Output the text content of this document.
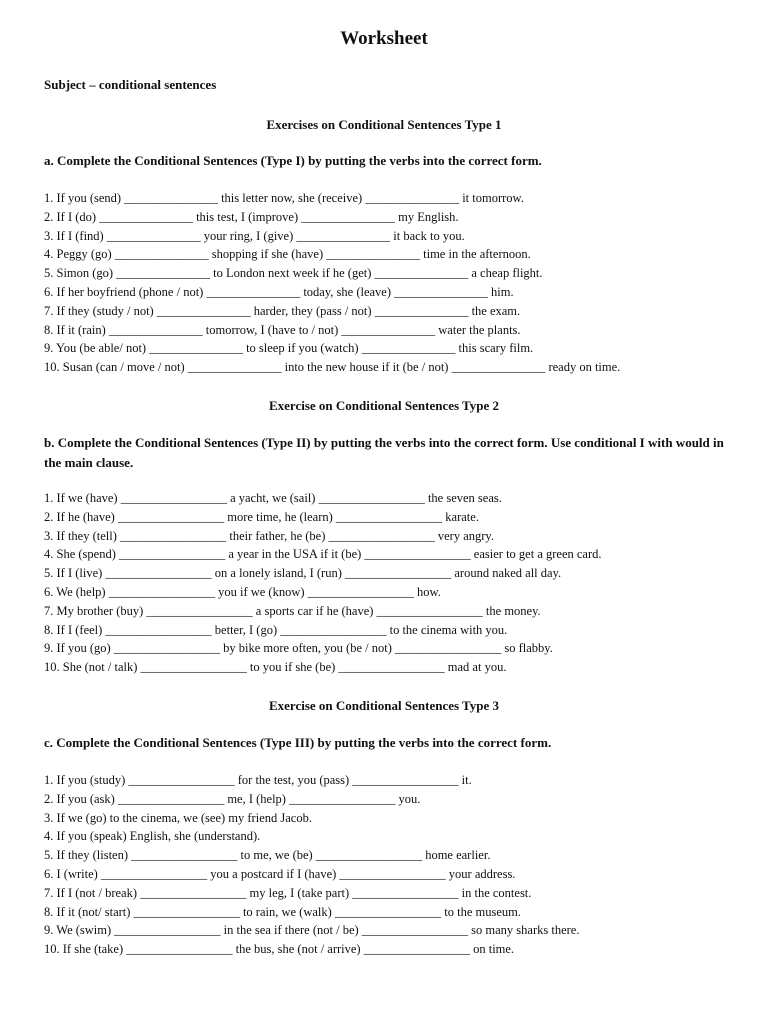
Worksheet
Subject – conditional sentences
Exercises on Conditional Sentences Type 1
a. Complete the Conditional Sentences (Type I) by putting the verbs into the correct form.
1. If you (send) _______________ this letter now, she (receive) _______________ it tomorrow.
2. If I (do) _______________ this test, I (improve) _______________ my English.
3. If I (find) _______________ your ring, I (give) _______________ it back to you.
4. Peggy (go) _______________ shopping if she (have) _______________ time in the afternoon.
5. Simon (go) _______________ to London next week if he (get) _______________ a cheap flight.
6. If her boyfriend (phone / not) _______________ today, she (leave) _______________ him.
7. If they (study / not) _______________ harder, they (pass / not) _______________ the exam.
8. If it (rain) _______________ tomorrow, I (have to / not) _______________ water the plants.
9. You (be able/ not) _______________ to sleep if you (watch) _______________ this scary film.
10. Susan (can / move / not) _______________ into the new house if it (be / not) _______________ ready on time.
Exercise on Conditional Sentences Type 2
b. Complete the Conditional Sentences (Type II) by putting the verbs into the correct form. Use conditional I with would in the main clause.
1. If we (have) _________________ a yacht, we (sail) _________________ the seven seas.
2. If he (have) _________________ more time, he (learn) _________________ karate.
3. If they (tell) _________________ their father, he (be) _________________ very angry.
4. She (spend) _________________ a year in the USA if it (be) _________________ easier to get a green card.
5. If I (live) _________________ on a lonely island, I (run) _________________ around naked all day.
6. We (help) _________________ you if we (know) _________________ how.
7. My brother (buy) _________________ a sports car if he (have) _________________ the money.
8. If I (feel) _________________ better, I (go) _________________ to the cinema with you.
9. If you (go) _________________ by bike more often, you (be / not) _________________ so flabby.
10. She (not / talk) _________________ to you if she (be) _________________ mad at you.
Exercise on Conditional Sentences Type 3
c. Complete the Conditional Sentences (Type III) by putting the verbs into the correct form.
1. If you (study) _________________ for the test, you (pass) _________________ it.
2. If you (ask) _________________ me, I (help) _________________ you.
3. If we (go) to the cinema, we (see) my friend Jacob.
4. If you (speak) English, she (understand).
5. If they (listen) _________________ to me, we (be) _________________ home earlier.
6. I (write) _________________ you a postcard if I (have) _________________ your address.
7. If I (not / break) _________________ my leg, I (take part) _________________ in the contest.
8. If it (not/ start) _________________ to rain, we (walk) _________________ to the museum.
9. We (swim) _________________ in the sea if there (not / be) _________________ so many sharks there.
10. If she (take) _________________ the bus, she (not / arrive) _________________ on time.
